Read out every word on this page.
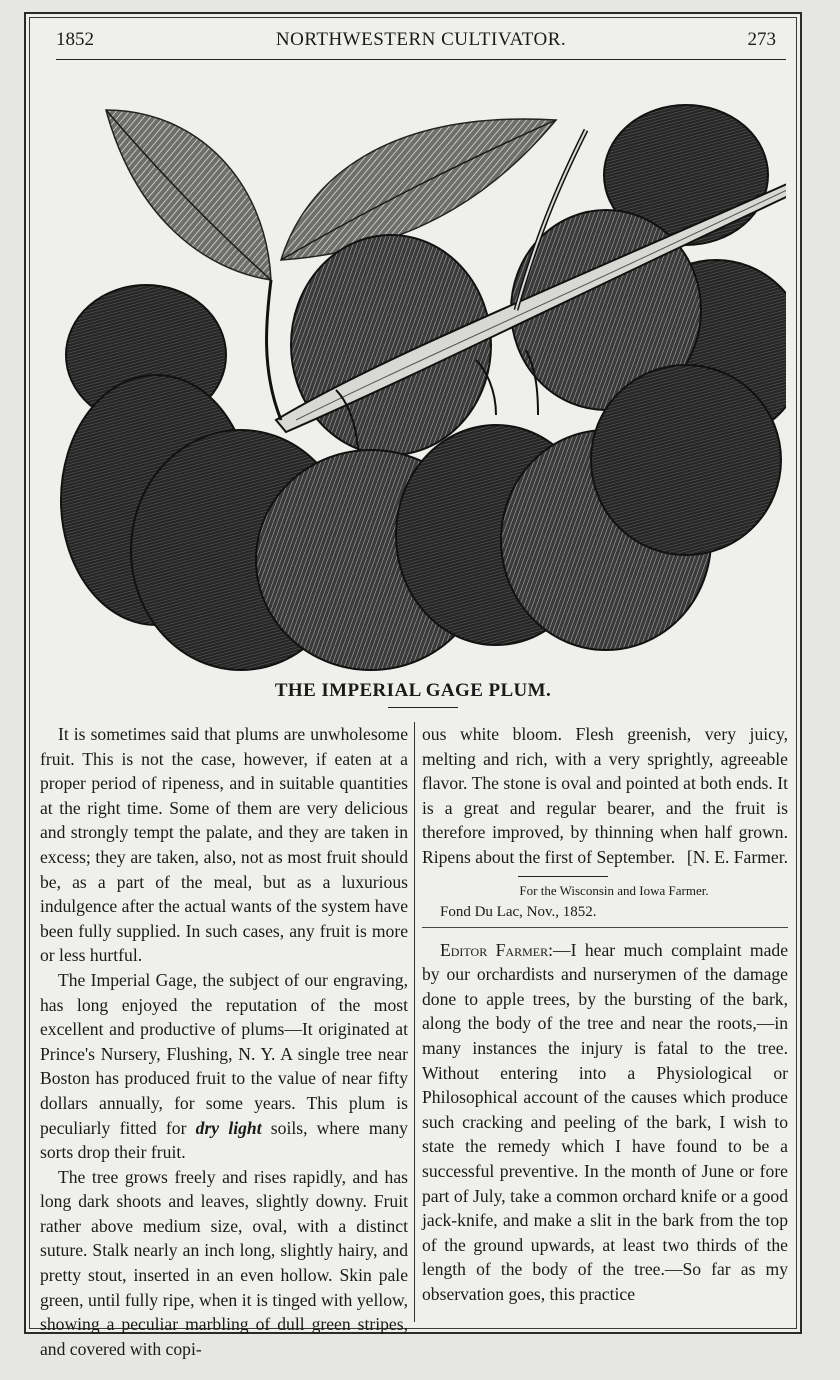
1852	NORTHWESTERN CULTIVATOR.	273
THE IMPERIAL GAGE PLUM.

It is sometimes said that plums are unwholesome fruit. This is not the case, however, if eaten at a proper period of ripeness, and in suitable quantities at the right time. Some of them are very delicious and strongly tempt the palate, and they are taken in excess; they are taken, also, not as most fruit should be, as a part of the meal, but as a luxurious indulgence after the actual wants of the system have been fully supplied. In such cases, any fruit is more or less hurtful.

The Imperial Gage, the subject of our engraving, has long enjoyed the reputation of the most excellent and productive of plums—It originated at Prince's Nursery, Flushing, N. Y. A single tree near Boston has produced fruit to the value of near fifty dollars annually, for some years. This plum is peculiarly fitted for dry light soils, where many sorts drop their fruit.

The tree grows freely and rises rapidly, and has long dark shoots and leaves, slightly downy. Fruit rather above medium size, oval, with a distinct suture. Stalk nearly an inch long, slightly hairy, and pretty stout, inserted in an even hollow. Skin pale green, until fully ripe, when it is tinged with yellow, showing a peculiar marbling of dull green stripes, and covered with copi-

ous white bloom. Flesh greenish, very juicy, melting and rich, with a very sprightly, agreeable flavor. The stone is oval and pointed at both ends. It is a great and regular bearer, and the fruit is therefore improved, by thinning when half grown. Ripens about the first of September. [N. E. Farmer.

For the Wisconsin and Iowa Farmer.

Fond Du Lac, Nov., 1852.

Editor Farmer:—I hear much complaint made by our orchardists and nurserymen of the damage done to apple trees, by the bursting of the bark, along the body of the tree and near the roots,—in many instances the injury is fatal to the tree. Without entering into a Physiological or Philosophical account of the causes which produce such cracking and peeling of the bark, I wish to state the remedy which I have found to be a successful preventive. In the month of June or fore part of July, take a common orchard knife or a good jack-knife, and make a slit in the bark from the top of the ground upwards, at least two thirds of the length of the body of the tree.—So far as my observation goes, this practice
